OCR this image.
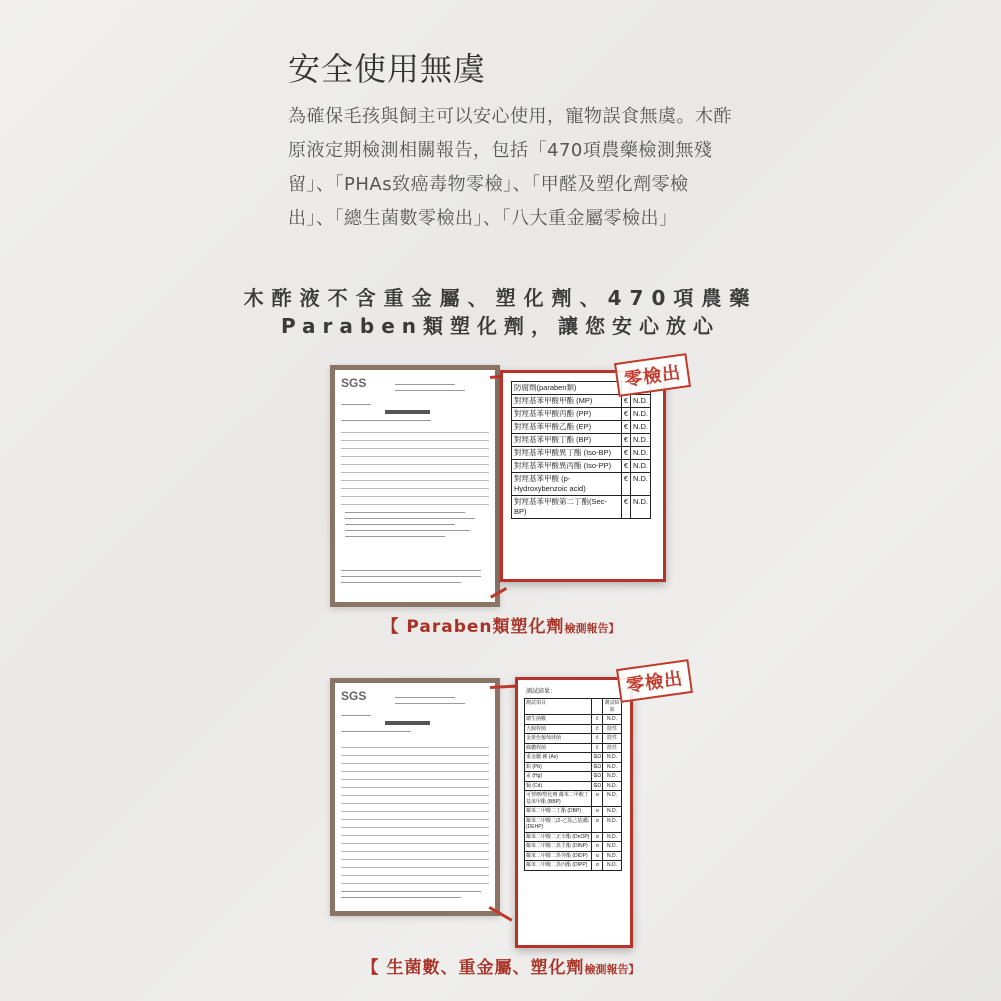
安全使用無虞
為確保毛孩與飼主可以安心使用，寵物誤食無虞。木酢原液定期檢測相關報告，包括「470項農藥檢測無殘留」、「PHAs致癌毒物零檢」、「甲醛及塑化劑零檢出」、「總生菌數零檢出」、「八大重金屬零檢出」
木酢液不含重金屬、塑化劑、470項農藥
Paraben類塑化劑，讓您安心放心
SGS	防腐劑(paraben類)		
對羥基苯甲酸甲酯 (MP)	€	N.D.
對羥基苯甲酸丙酯 (PP)	€	N.D.
對羥基苯甲酸乙酯 (EP)	€	N.D.
對羥基苯甲酸丁酯 (BP)	€	N.D.
對羥基苯甲酸異丁酯 (Iso-BP)	€	N.D.
對羥基苯甲酸異丙酯 (Iso-PP)	€	N.D.
對羥基苯甲酸 (p-Hydroxybenzoic acid)	€	N.D.
對羥基苯甲酸第二丁酯(Sec-BP)	€	N.D.
零檢出
【 Paraben類塑化劑檢測報告】
SGS	測試結果：
測試項目		測試結果
總生菌數	č	N.D.
大腸桿菌	č	陰性
金黃色葡萄球菌	č	陰性
綠膿桿菌	č	陰性
重金屬 銻 (As)	₲Ω	N.D.
鉛 (Pb)	₲Ω	N.D.
汞 (Hg)	₲Ω	N.D.
鎘 (Cd)	₲Ω	N.D.
可塑劑/塑化劑 鄰苯二甲酸丁基苯甲酯 (BBP)	α	N.D.
鄰苯二甲酸二丁酯 (DBP)	α	N.D.
鄰苯二甲酸二(2-乙基己基)酯 (DEHP)	α	N.D.
鄰苯二甲酸二正辛酯 (DnOP)	α	N.D.
鄰苯二甲酸二異壬酯 (DINP)	α	N.D.
鄰苯二甲酸二異癸酯 (DIDP)	α	N.D.
鄰苯二甲酸二異丙酯 (DIPP)	α	N.D.
零檢出
【 生菌數、重金屬、塑化劑檢測報告】
